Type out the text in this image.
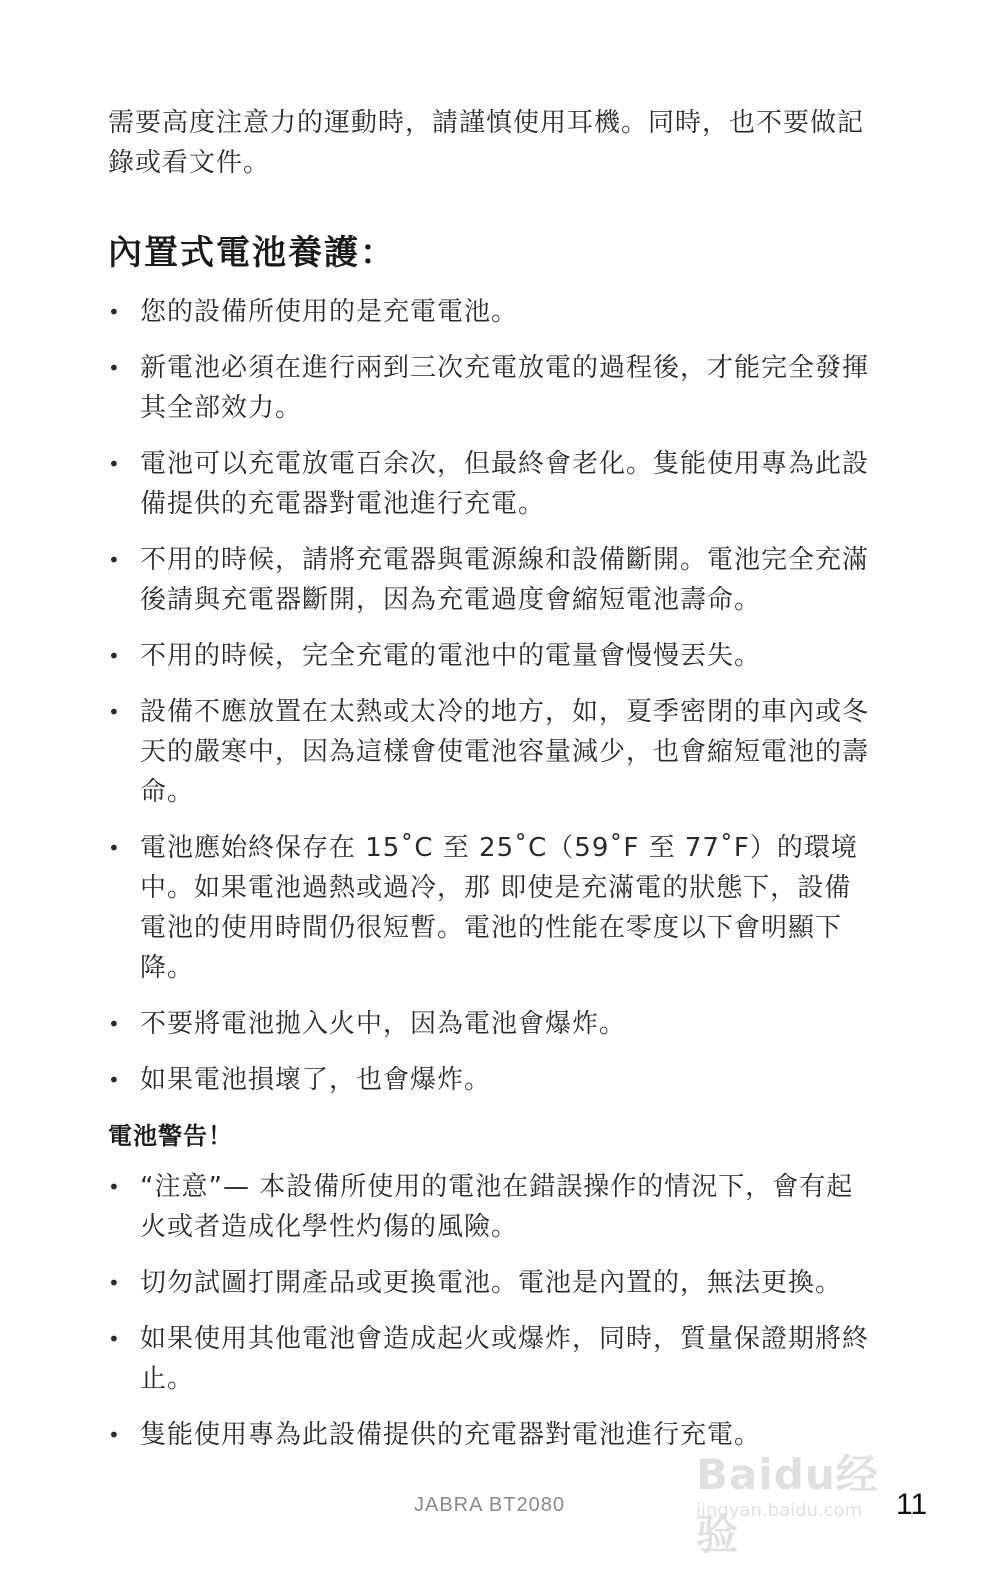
需要高度注意力的運動時，請謹慎使用耳機。同時，也不要做記錄或看文件。

內置式電池養護：
• 您的設備所使用的是充電電池。
• 新電池必須在進行兩到三次充電放電的過程後，才能完全發揮其全部效力。
• 電池可以充電放電百余次，但最終會老化。隻能使用專為此設備提供的充電器對電池進行充電。
• 不用的時候，請將充電器與電源線和設備斷開。電池完全充滿後請與充電器斷開，因為充電過度會縮短電池壽命。
• 不用的時候，完全充電的電池中的電量會慢慢丟失。
• 設備不應放置在太熱或太冷的地方，如，夏季密閉的車內或冬天的嚴寒中，因為這樣會使電池容量減少，也會縮短電池的壽命。
• 電池應始終保存在 15˚C 至 25˚C（59˚F 至 77˚F）的環境中。如果電池過熱或過冷，那 即使是充滿電的狀態下，設備電池的使用時間仍很短暫。電池的性能在零度以下會明顯下降。
• 不要將電池拋入火中，因為電池會爆炸。
• 如果電池損壞了，也會爆炸。
電池警告！
• “注意”— 本設備所使用的電池在錯誤操作的情況下，會有起火或者造成化學性灼傷的風險。
• 切勿試圖打開產品或更換電池。電池是內置的，無法更換。
• 如果使用其他電池會造成起火或爆炸，同時，質量保證期將終止。
• 隻能使用專為此設備提供的充電器對電池進行充電。
Baidu经验
jingyan.baidu.com
JABRA BT2080	11
